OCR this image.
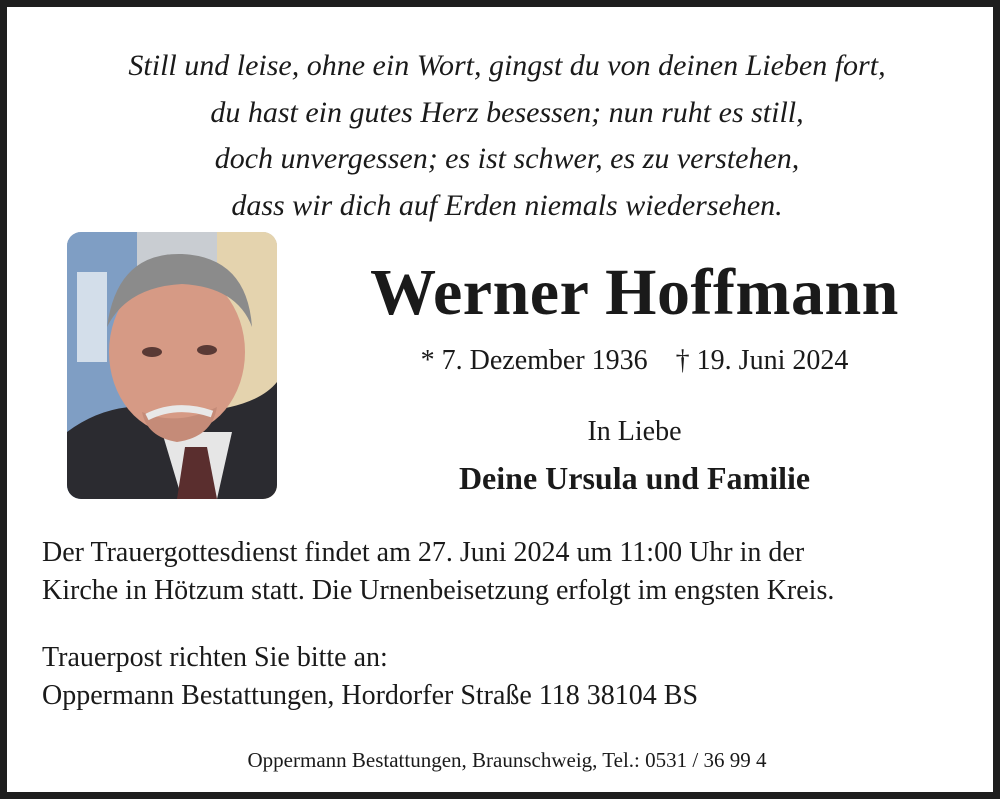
Still und leise, ohne ein Wort, gingst du von deinen Lieben fort,
du hast ein gutes Herz besessen; nun ruht es still,
doch unvergessen; es ist schwer, es zu verstehen,
dass wir dich auf Erden niemals wiedersehen.
Werner Hoffmann
* 7. Dezember 1936 † 19. Juni 2024
In Liebe
Deine Ursula und Familie
Der Trauergottesdienst findet am 27. Juni 2024 um 11:00 Uhr in der
Kirche in Hötzum statt. Die Urnenbeisetzung erfolgt im engsten Kreis.
Trauerpost richten Sie bitte an:
Oppermann Bestattungen, Hordorfer Straße 118 38104 BS
Oppermann Bestattungen, Braunschweig, Tel.: 0531 / 36 99 4
